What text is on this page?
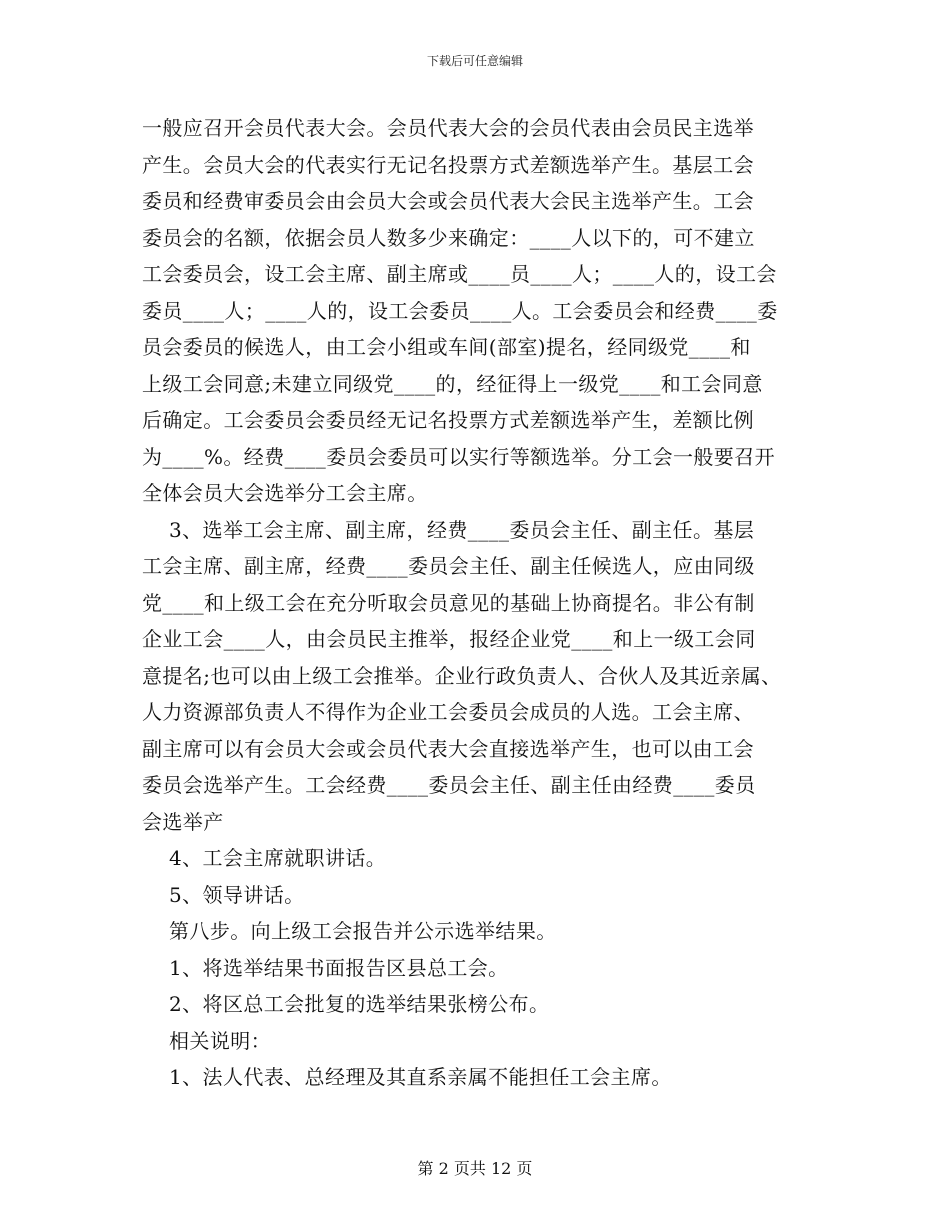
下载后可任意编辑

一般应召开会员代表大会。会员代表大会的会员代表由会员民主选举

产生。会员大会的代表实行无记名投票方式差额选举产生。基层工会

委员和经费审委员会由会员大会或会员代表大会民主选举产生。工会

委员会的名额，依据会员人数多少来确定：____人以下的，可不建立

工会委员会，设工会主席、副主席或____员____人；____人的，设工会

委员____人；____人的，设工会委员____人。工会委员会和经费____委

员会委员的候选人，由工会小组或车间(部室)提名，经同级党____和

上级工会同意;未建立同级党____的，经征得上一级党____和工会同意

后确定。工会委员会委员经无记名投票方式差额选举产生，差额比例

为____%。经费____委员会委员可以实行等额选举。分工会一般要召开

全体会员大会选举分工会主席。

3、选举工会主席、副主席，经费____委员会主任、副主任。基层

工会主席、副主席，经费____委员会主任、副主任候选人，应由同级

党____和上级工会在充分听取会员意见的基础上协商提名。非公有制

企业工会____人，由会员民主推举，报经企业党____和上一级工会同

意提名;也可以由上级工会推举。企业行政负责人、合伙人及其近亲属、

人力资源部负责人不得作为企业工会委员会成员的人选。工会主席、

副主席可以有会员大会或会员代表大会直接选举产生，也可以由工会

委员会选举产生。工会经费____委员会主任、副主任由经费____委员

会选举产

4、工会主席就职讲话。

5、领导讲话。

第八步。向上级工会报告并公示选举结果。

1、将选举结果书面报告区县总工会。

2、将区总工会批复的选举结果张榜公布。

相关说明：

1、法人代表、总经理及其直系亲属不能担任工会主席。

第 2 页共 12 页
